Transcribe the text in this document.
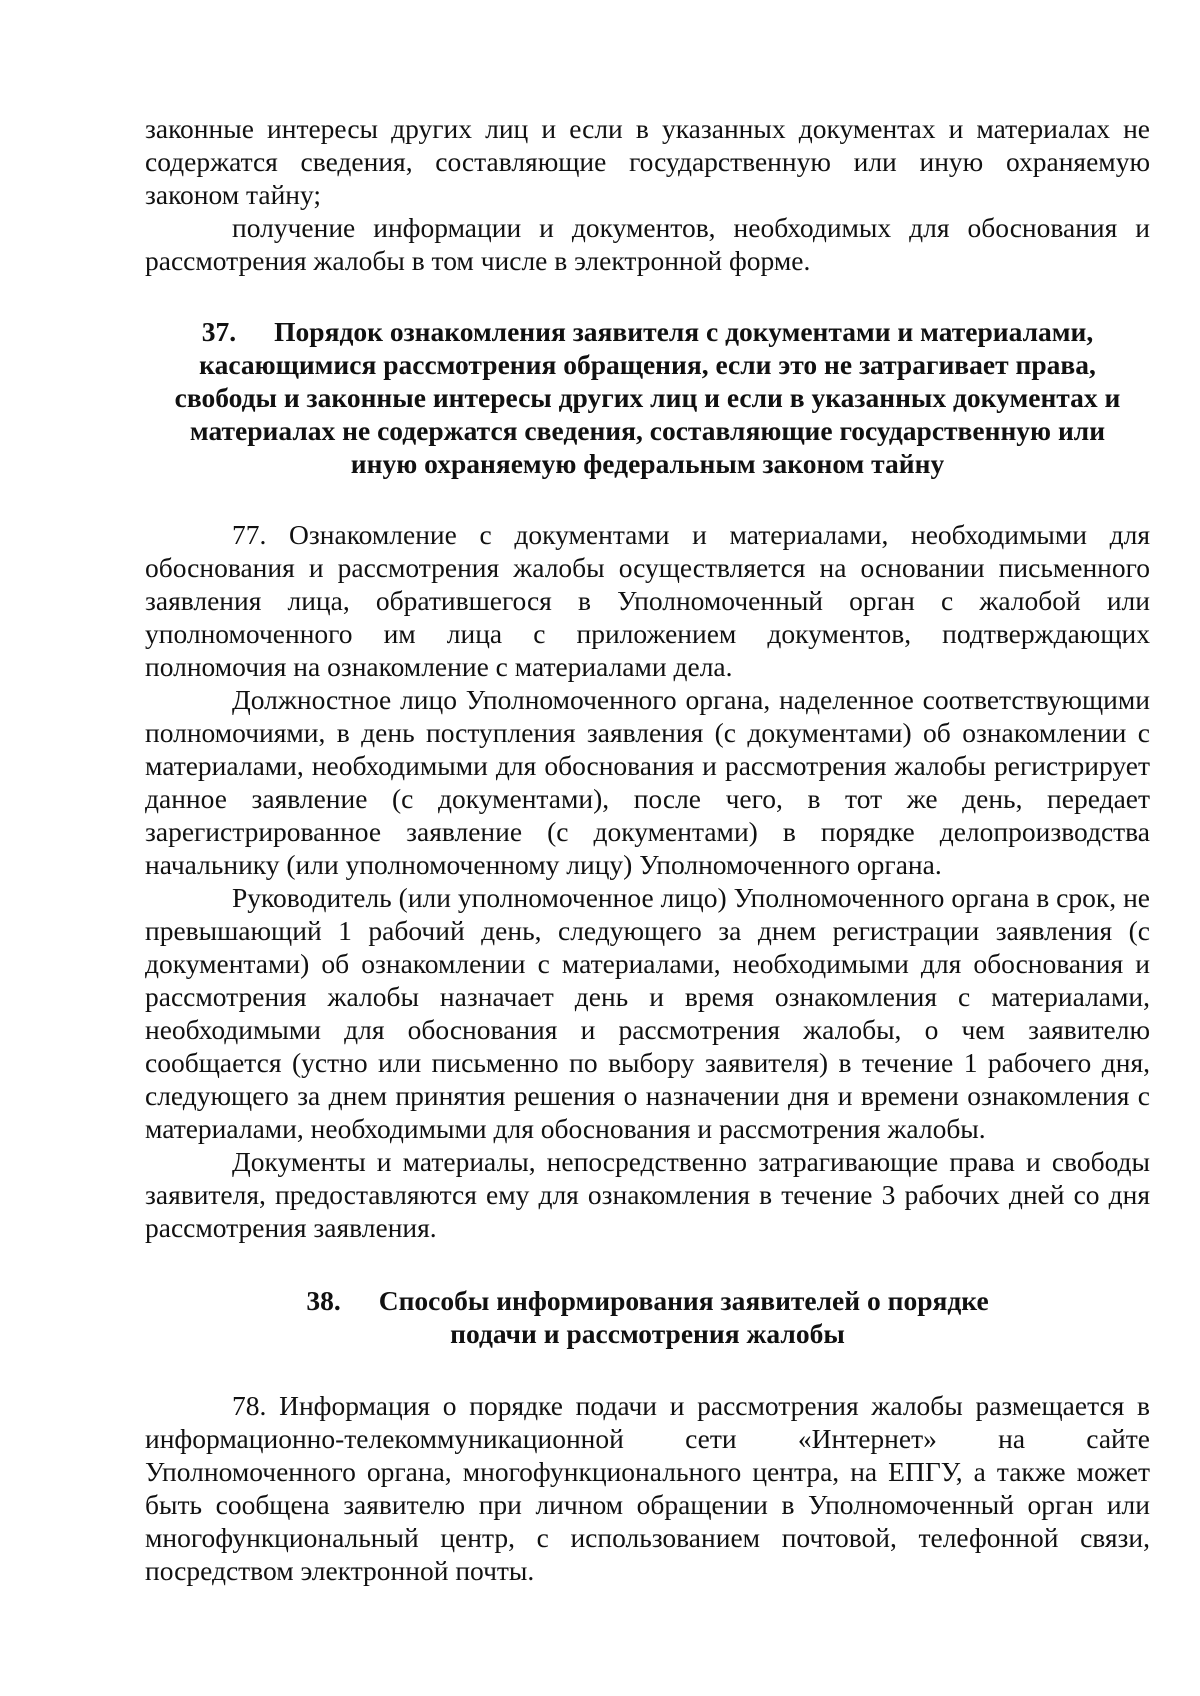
законные интересы других лиц и если в указанных документах и материалах не содержатся сведения, составляющие государственную или иную охраняемую законом тайну;

получение информации и документов, необходимых для обоснования и рассмотрения жалобы в том числе в электронной форме.

37. Порядок ознакомления заявителя с документами и материалами, касающимися рассмотрения обращения, если это не затрагивает права, свободы и законные интересы других лиц и если в указанных документах и материалах не содержатся сведения, составляющие государственную или иную охраняемую федеральным законом тайну

77. Ознакомление с документами и материалами, необходимыми для обоснования и рассмотрения жалобы осуществляется на основании письменного заявления лица, обратившегося в Уполномоченный орган с жалобой или уполномоченного им лица с приложением документов, подтверждающих полномочия на ознакомление с материалами дела.

Должностное лицо Уполномоченного органа, наделенное соответствующими полномочиями, в день поступления заявления (с документами) об ознакомлении с материалами, необходимыми для обоснования и рассмотрения жалобы регистрирует данное заявление (с документами), после чего, в тот же день, передает зарегистрированное заявление (с документами) в порядке делопроизводства начальнику (или уполномоченному лицу) Уполномоченного органа.

Руководитель (или уполномоченное лицо) Уполномоченного органа в срок, не превышающий 1 рабочий день, следующего за днем регистрации заявления (с документами) об ознакомлении с материалами, необходимыми для обоснования и рассмотрения жалобы назначает день и время ознакомления с материалами, необходимыми для обоснования и рассмотрения жалобы, о чем заявителю сообщается (устно или письменно по выбору заявителя) в течение 1 рабочего дня, следующего за днем принятия решения о назначении дня и времени ознакомления с материалами, необходимыми для обоснования и рассмотрения жалобы.

Документы и материалы, непосредственно затрагивающие права и свободы заявителя, предоставляются ему для ознакомления в течение 3 рабочих дней со дня рассмотрения заявления.

38. Способы информирования заявителей о порядке подачи и рассмотрения жалобы

78. Информация о порядке подачи и рассмотрения жалобы размещается в информационно-телекоммуникационной сети «Интернет» на сайте Уполномоченного органа, многофункционального центра, на ЕПГУ, а также может быть сообщена заявителю при личном обращении в Уполномоченный орган или многофункциональный центр, с использованием почтовой, телефонной связи, посредством электронной почты.
